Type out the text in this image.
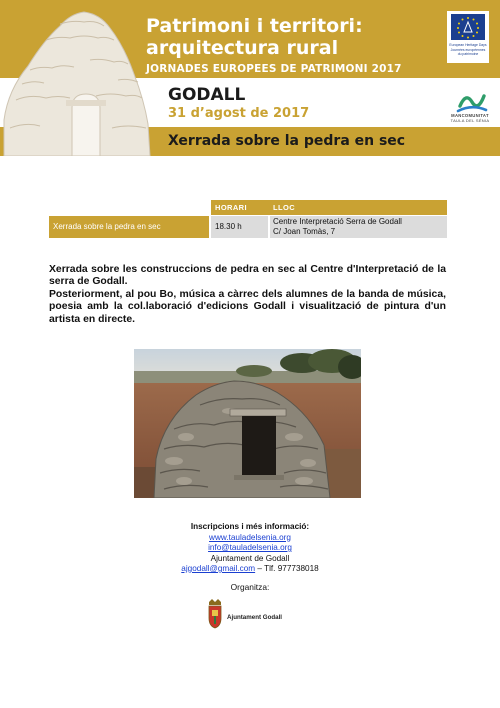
Patrimoni i territori:
arquitectura rural
JORNADES EUROPEES DE PATRIMONI 2017
GODALL
31 d’agost de 2017
Xerrada sobre la pedra en sec
European Heritage Days
Journées européennes
du patrimoine
MANCOMUNITAT
TAULA DEL SÉNIA
HORARI	LLOC
Xerrada sobre la pedra en sec	18.30 h
Centre Interpretació Serra de Godall
C/ Joan Tomàs, 7

Xerrada sobre les construccions de pedra en sec al Centre d'Interpretació de la serra de Godall.

Posteriorment, al pou Bo, música a càrrec dels alumnes de la banda de música, poesia amb la col.laboració d'edicions Godall i visualització de pintura d'un artista en directe.

Inscripcions i més informació:
www.tauladelsenia.org
info@tauladelsenia.org
Ajuntament de Godall
ajgodall@gmail.com – Tlf. 977738018
Organitza:
Ajuntament Godall
